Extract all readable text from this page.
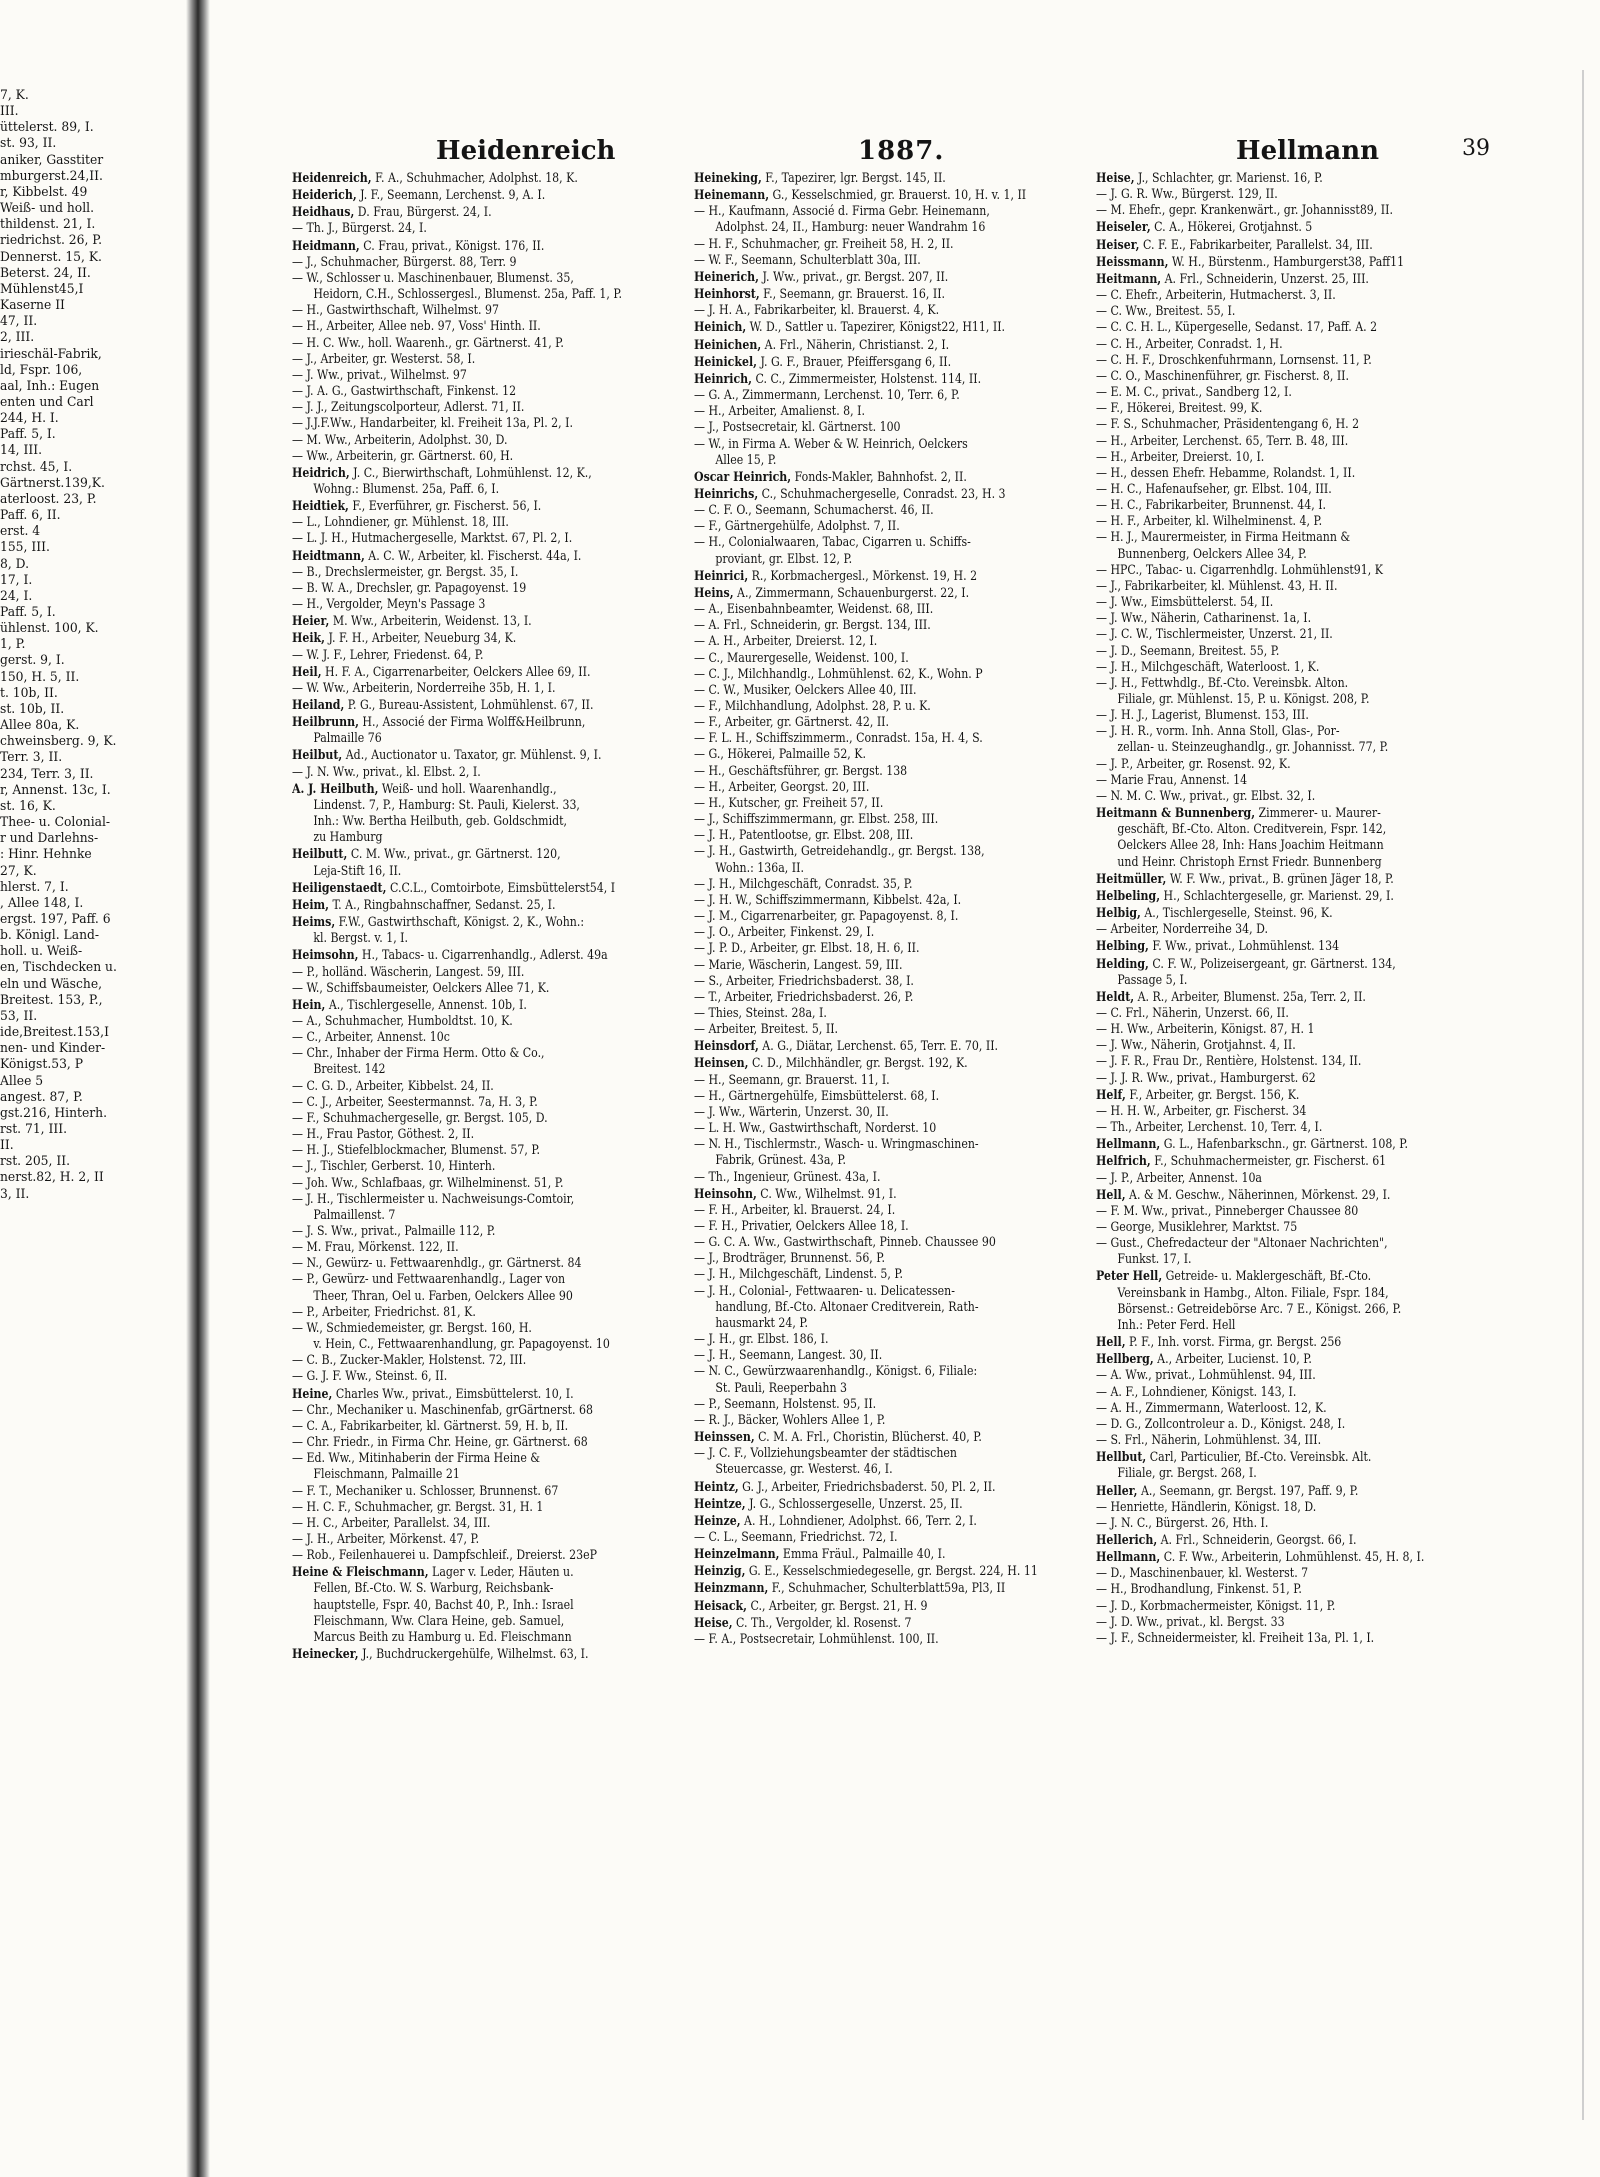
7, K.
III.
üttelerst. 89, I.
st. 93, II.
aniker, Gasstiter
mburgerst.24,II.
r, Kibbelst. 49
Weiß- und holl.
thildenst. 21, I.
riedrichst. 26, P.
Dennerst. 15, K.
Beterst. 24, II.
Mühlenst45,I
Kaserne II
47, II.
2, III.
irieschäl-Fabrik,
ld, Fspr. 106,
aal, Inh.: Eugen
enten und Carl
244, H. I.
Paff. 5, I.
14, III.
rchst. 45, I.
Gärtnerst.139,K.
aterloost. 23, P.
Paff. 6, II.
erst. 4
155, III.
8, D.
17, I.
24, I.
Paff. 5, I.
ühlenst. 100, K.
1, P.
gerst. 9, I.
150, H. 5, II.
t. 10b, II.
st. 10b, II.
Allee 80a, K.
chweinsberg. 9, K.
Terr. 3, II.
234, Terr. 3, II.
r, Annenst. 13c, I.
st. 16, K.
Thee- u. Colonial-
r und Darlehns-
: Hinr. Hehnke
27, K.
hlerst. 7, I.
, Allee 148, I.
ergst. 197, Paff. 6
b. Königl. Land-
holl. u. Weiß-
en, Tischdecken u.
eln und Wäsche,
Breitest. 153, P.,
53, II.
ide,Breitest.153,I
nen- und Kinder-
Königst.53, P
Allee 5
angest. 87, P.
gst.216, Hinterh.
rst. 71, III.
II.
rst. 205, II.
nerst.82, H. 2, II
3, II.
Heidenreich	1887.	Hellmann	39
Heidenreich, F. A., Schuhmacher, Adolphst. 18, K.
Heiderich, J. F., Seemann, Lerchenst. 9, A. I.
Heidhaus, D. Frau, Bürgerst. 24, I.
— Th. J., Bürgerst. 24, I.
Heidmann, C. Frau, privat., Königst. 176, II.
— J., Schuhmacher, Bürgerst. 88, Terr. 9
— W., Schlosser u. Maschinenbauer, Blumenst. 35,
Heidorn, C.H., Schlossergesl., Blumenst. 25a, Paff. 1, P.
— H., Gastwirthschaft, Wilhelmst. 97
— H., Arbeiter, Allee neb. 97, Voss' Hinth. II.
— H. C. Ww., holl. Waarenh., gr. Gärtnerst. 41, P.
— J., Arbeiter, gr. Westerst. 58, I.
— J. Ww., privat., Wilhelmst. 97
— J. A. G., Gastwirthschaft, Finkenst. 12
— J. J., Zeitungscolporteur, Adlerst. 71, II.
— J.J.F.Ww., Handarbeiter, kl. Freiheit 13a, Pl. 2, I.
— M. Ww., Arbeiterin, Adolphst. 30, D.
— Ww., Arbeiterin, gr. Gärtnerst. 60, H.
Heidrich, J. C., Bierwirthschaft, Lohmühlenst. 12, K.,
Wohng.: Blumenst. 25a, Paff. 6, I.
Heidtiek, F., Everführer, gr. Fischerst. 56, I.
— L., Lohndiener, gr. Mühlenst. 18, III.
— L. J. H., Hutmachergeselle, Marktst. 67, Pl. 2, I.
Heidtmann, A. C. W., Arbeiter, kl. Fischerst. 44a, I.
— B., Drechslermeister, gr. Bergst. 35, I.
— B. W. A., Drechsler, gr. Papagoyenst. 19
— H., Vergolder, Meyn's Passage 3
Heier, M. Ww., Arbeiterin, Weidenst. 13, I.
Heik, J. F. H., Arbeiter, Neueburg 34, K.
— W. J. F., Lehrer, Friedenst. 64, P.
Heil, H. F. A., Cigarrenarbeiter, Oelckers Allee 69, II.
— W. Ww., Arbeiterin, Norderreihe 35b, H. 1, I.
Heiland, P. G., Bureau-Assistent, Lohmühlenst. 67, II.
Heilbrunn, H., Associé der Firma Wolff&Heilbrunn,
Palmaille 76
Heilbut, Ad., Auctionator u. Taxator, gr. Mühlenst. 9, I.
— J. N. Ww., privat., kl. Elbst. 2, I.
A. J. Heilbuth, Weiß- und holl. Waarenhandlg.,
Lindenst. 7, P., Hamburg: St. Pauli, Kielerst. 33,
Inh.: Ww. Bertha Heilbuth, geb. Goldschmidt,
zu Hamburg
Heilbutt, C. M. Ww., privat., gr. Gärtnerst. 120,
Leja-Stift 16, II.
Heiligenstaedt, C.C.L., Comtoirbote, Eimsbüttelerst54, I
Heim, T. A., Ringbahnschaffner, Sedanst. 25, I.
Heims, F.W., Gastwirthschaft, Königst. 2, K., Wohn.:
kl. Bergst. v. 1, I.
Heimsohn, H., Tabacs- u. Cigarrenhandlg., Adlerst. 49a
— P., holländ. Wäscherin, Langest. 59, III.
— W., Schiffsbaumeister, Oelckers Allee 71, K.
Hein, A., Tischlergeselle, Annenst. 10b, I.
— A., Schuhmacher, Humboldtst. 10, K.
— C., Arbeiter, Annenst. 10c
— Chr., Inhaber der Firma Herm. Otto & Co.,
Breitest. 142
— C. G. D., Arbeiter, Kibbelst. 24, II.
— C. J., Arbeiter, Seestermannst. 7a, H. 3, P.
— F., Schuhmachergeselle, gr. Bergst. 105, D.
— H., Frau Pastor, Göthest. 2, II.
— H. J., Stiefelblockmacher, Blumenst. 57, P.
— J., Tischler, Gerberst. 10, Hinterh.
— Joh. Ww., Schlafbaas, gr. Wilhelminenst. 51, P.
— J. H., Tischlermeister u. Nachweisungs-Comtoir,
Palmaillenst. 7
— J. S. Ww., privat., Palmaille 112, P.
— M. Frau, Mörkenst. 122, II.
— N., Gewürz- u. Fettwaarenhdlg., gr. Gärtnerst. 84
— P., Gewürz- und Fettwaarenhandlg., Lager von
Theer, Thran, Oel u. Farben, Oelckers Allee 90
— P., Arbeiter, Friedrichst. 81, K.
— W., Schmiedemeister, gr. Bergst. 160, H.
v. Hein, C., Fettwaarenhandlung, gr. Papagoyenst. 10
— C. B., Zucker-Makler, Holstenst. 72, III.
— G. J. F. Ww., Steinst. 6, II.
Heine, Charles Ww., privat., Eimsbüttelerst. 10, I.
— Chr., Mechaniker u. Maschinenfab, grGärtnerst. 68
— C. A., Fabrikarbeiter, kl. Gärtnerst. 59, H. b, II.
— Chr. Friedr., in Firma Chr. Heine, gr. Gärtnerst. 68
— Ed. Ww., Mitinhaberin der Firma Heine &
Fleischmann, Palmaille 21
— F. T., Mechaniker u. Schlosser, Brunnenst. 67
— H. C. F., Schuhmacher, gr. Bergst. 31, H. 1
— H. C., Arbeiter, Parallelst. 34, III.
— J. H., Arbeiter, Mörkenst. 47, P.
— Rob., Feilenhauerei u. Dampfschleif., Dreierst. 23eP
Heine & Fleischmann, Lager v. Leder, Häuten u.
Fellen, Bf.-Cto. W. S. Warburg, Reichsbank-
hauptstelle, Fspr. 40, Bachst 40, P., Inh.: Israel
Fleischmann, Ww. Clara Heine, geb. Samuel,
Marcus Beith zu Hamburg u. Ed. Fleischmann
Heinecker, J., Buchdruckergehülfe, Wilhelmst. 63, I.
Heineking, F., Tapezirer, lgr. Bergst. 145, II.
Heinemann, G., Kesselschmied, gr. Brauerst. 10, H. v. 1, II
— H., Kaufmann, Associé d. Firma Gebr. Heinemann,
Adolphst. 24, II., Hamburg: neuer Wandrahm 16
— H. F., Schuhmacher, gr. Freiheit 58, H. 2, II.
— W. F., Seemann, Schulterblatt 30a, III.
Heinerich, J. Ww., privat., gr. Bergst. 207, II.
Heinhorst, F., Seemann, gr. Brauerst. 16, II.
— J. H. A., Fabrikarbeiter, kl. Brauerst. 4, K.
Heinich, W. D., Sattler u. Tapezirer, Königst22, H11, II.
Heinichen, A. Frl., Näherin, Christianst. 2, I.
Heinickel, J. G. F., Brauer, Pfeiffersgang 6, II.
Heinrich, C. C., Zimmermeister, Holstenst. 114, II.
— G. A., Zimmermann, Lerchenst. 10, Terr. 6, P.
— H., Arbeiter, Amalienst. 8, I.
— J., Postsecretair, kl. Gärtnerst. 100
— W., in Firma A. Weber & W. Heinrich, Oelckers
Allee 15, P.
Oscar Heinrich, Fonds-Makler, Bahnhofst. 2, II.
Heinrichs, C., Schuhmachergeselle, Conradst. 23, H. 3
— C. F. O., Seemann, Schumacherst. 46, II.
— F., Gärtnergehülfe, Adolphst. 7, II.
— H., Colonialwaaren, Tabac, Cigarren u. Schiffs-
proviant, gr. Elbst. 12, P.
Heinrici, R., Korbmachergesl., Mörkenst. 19, H. 2
Heins, A., Zimmermann, Schauenburgerst. 22, I.
— A., Eisenbahnbeamter, Weidenst. 68, III.
— A. Frl., Schneiderin, gr. Bergst. 134, III.
— A. H., Arbeiter, Dreierst. 12, I.
— C., Maurergeselle, Weidenst. 100, I.
— C. J., Milchhandlg., Lohmühlenst. 62, K., Wohn. P
— C. W., Musiker, Oelckers Allee 40, III.
— F., Milchhandlung, Adolphst. 28, P. u. K.
— F., Arbeiter, gr. Gärtnerst. 42, II.
— F. L. H., Schiffszimmerm., Conradst. 15a, H. 4, S.
— G., Hökerei, Palmaille 52, K.
— H., Geschäftsführer, gr. Bergst. 138
— H., Arbeiter, Georgst. 20, III.
— H., Kutscher, gr. Freiheit 57, II.
— J., Schiffszimmermann, gr. Elbst. 258, III.
— J. H., Patentlootse, gr. Elbst. 208, III.
— J. H., Gastwirth, Getreidehandlg., gr. Bergst. 138,
Wohn.: 136a, II.
— J. H., Milchgeschäft, Conradst. 35, P.
— J. H. W., Schiffszimmermann, Kibbelst. 42a, I.
— J. M., Cigarrenarbeiter, gr. Papagoyenst. 8, I.
— J. O., Arbeiter, Finkenst. 29, I.
— J. P. D., Arbeiter, gr. Elbst. 18, H. 6, II.
— Marie, Wäscherin, Langest. 59, III.
— S., Arbeiter, Friedrichsbaderst. 38, I.
— T., Arbeiter, Friedrichsbaderst. 26, P.
— Thies, Steinst. 28a, I.
— Arbeiter, Breitest. 5, II.
Heinsdorf, A. G., Diätar, Lerchenst. 65, Terr. E. 70, II.
Heinsen, C. D., Milchhändler, gr. Bergst. 192, K.
— H., Seemann, gr. Brauerst. 11, I.
— H., Gärtnergehülfe, Eimsbüttelerst. 68, I.
— J. Ww., Wärterin, Unzerst. 30, II.
— L. H. Ww., Gastwirthschaft, Norderst. 10
— N. H., Tischlermstr., Wasch- u. Wringmaschinen-
Fabrik, Grünest. 43a, P.
— Th., Ingenieur, Grünest. 43a, I.
Heinsohn, C. Ww., Wilhelmst. 91, I.
— F. H., Arbeiter, kl. Brauerst. 24, I.
— F. H., Privatier, Oelckers Allee 18, I.
— G. C. A. Ww., Gastwirthschaft, Pinneb. Chaussee 90
— J., Brodträger, Brunnenst. 56, P.
— J. H., Milchgeschäft, Lindenst. 5, P.
— J. H., Colonial-, Fettwaaren- u. Delicatessen-
handlung, Bf.-Cto. Altonaer Creditverein, Rath-
hausmarkt 24, P.
— J. H., gr. Elbst. 186, I.
— J. H., Seemann, Langest. 30, II.
— N. C., Gewürzwaarenhandlg., Königst. 6, Filiale:
St. Pauli, Reeperbahn 3
— P., Seemann, Holstenst. 95, II.
— R. J., Bäcker, Wohlers Allee 1, P.
Heinssen, C. M. A. Frl., Choristin, Blücherst. 40, P.
— J. C. F., Vollziehungsbeamter der städtischen
Steuercasse, gr. Westerst. 46, I.
Heintz, G. J., Arbeiter, Friedrichsbaderst. 50, Pl. 2, II.
Heintze, J. G., Schlossergeselle, Unzerst. 25, II.
Heinze, A. H., Lohndiener, Adolphst. 66, Terr. 2, I.
— C. L., Seemann, Friedrichst. 72, I.
Heinzelmann, Emma Fräul., Palmaille 40, I.
Heinzig, G. E., Kesselschmiedegeselle, gr. Bergst. 224, H. 11
Heinzmann, F., Schuhmacher, Schulterblatt59a, Pl3, II
Heisack, C., Arbeiter, gr. Bergst. 21, H. 9
Heise, C. Th., Vergolder, kl. Rosenst. 7
— F. A., Postsecretair, Lohmühlenst. 100, II.
Heise, J., Schlachter, gr. Marienst. 16, P.
— J. G. R. Ww., Bürgerst. 129, II.
— M. Ehefr., gepr. Krankenwärt., gr. Johannisst89, II.
Heiseler, C. A., Hökerei, Grotjahnst. 5
Heiser, C. F. E., Fabrikarbeiter, Parallelst. 34, III.
Heissmann, W. H., Bürstenm., Hamburgerst38, Paff11
Heitmann, A. Frl., Schneiderin, Unzerst. 25, III.
— C. Ehefr., Arbeiterin, Hutmacherst. 3, II.
— C. Ww., Breitest. 55, I.
— C. C. H. L., Küpergeselle, Sedanst. 17, Paff. A. 2
— C. H., Arbeiter, Conradst. 1, H.
— C. H. F., Droschkenfuhrmann, Lornsenst. 11, P.
— C. O., Maschinenführer, gr. Fischerst. 8, II.
— E. M. C., privat., Sandberg 12, I.
— F., Hökerei, Breitest. 99, K.
— F. S., Schuhmacher, Präsidentengang 6, H. 2
— H., Arbeiter, Lerchenst. 65, Terr. B. 48, III.
— H., Arbeiter, Dreierst. 10, I.
— H., dessen Ehefr. Hebamme, Rolandst. 1, II.
— H. C., Hafenaufseher, gr. Elbst. 104, III.
— H. C., Fabrikarbeiter, Brunnenst. 44, I.
— H. F., Arbeiter, kl. Wilhelminenst. 4, P.
— H. J., Maurermeister, in Firma Heitmann &
Bunnenberg, Oelckers Allee 34, P.
— HPC., Tabac- u. Cigarrenhdlg. Lohmühlenst91, K
— J., Fabrikarbeiter, kl. Mühlenst. 43, H. II.
— J. Ww., Eimsbüttelerst. 54, II.
— J. Ww., Näherin, Catharinenst. 1a, I.
— J. C. W., Tischlermeister, Unzerst. 21, II.
— J. D., Seemann, Breitest. 55, P.
— J. H., Milchgeschäft, Waterloost. 1, K.
— J. H., Fettwhdlg., Bf.-Cto. Vereinsbk. Alton.
Filiale, gr. Mühlenst. 15, P. u. Königst. 208, P.
— J. H. J., Lagerist, Blumenst. 153, III.
— J. H. R., vorm. Inh. Anna Stoll, Glas-, Por-
zellan- u. Steinzeughandlg., gr. Johannisst. 77, P.
— J. P., Arbeiter, gr. Rosenst. 92, K.
— Marie Frau, Annenst. 14
— N. M. C. Ww., privat., gr. Elbst. 32, I.
Heitmann & Bunnenberg, Zimmerer- u. Maurer-
geschäft, Bf.-Cto. Alton. Creditverein, Fspr. 142,
Oelckers Allee 28, Inh: Hans Joachim Heitmann
und Heinr. Christoph Ernst Friedr. Bunnenberg
Heitmüller, W. F. Ww., privat., B. grünen Jäger 18, P.
Helbeling, H., Schlachtergeselle, gr. Marienst. 29, I.
Helbig, A., Tischlergeselle, Steinst. 96, K.
— Arbeiter, Norderreihe 34, D.
Helbing, F. Ww., privat., Lohmühlenst. 134
Helding, C. F. W., Polizeisergeant, gr. Gärtnerst. 134,
Passage 5, I.
Heldt, A. R., Arbeiter, Blumenst. 25a, Terr. 2, II.
— C. Frl., Näherin, Unzerst. 66, II.
— H. Ww., Arbeiterin, Königst. 87, H. 1
— J. Ww., Näherin, Grotjahnst. 4, II.
— J. F. R., Frau Dr., Rentière, Holstenst. 134, II.
— J. J. R. Ww., privat., Hamburgerst. 62
Helf, F., Arbeiter, gr. Bergst. 156, K.
— H. H. W., Arbeiter, gr. Fischerst. 34
— Th., Arbeiter, Lerchenst. 10, Terr. 4, I.
Hellmann, G. L., Hafenbarkschn., gr. Gärtnerst. 108, P.
Helfrich, F., Schuhmachermeister, gr. Fischerst. 61
— J. P., Arbeiter, Annenst. 10a
Hell, A. & M. Geschw., Näherinnen, Mörkenst. 29, I.
— F. M. Ww., privat., Pinneberger Chaussee 80
— George, Musiklehrer, Marktst. 75
— Gust., Chefredacteur der "Altonaer Nachrichten",
Funkst. 17, I.
Peter Hell, Getreide- u. Maklergeschäft, Bf.-Cto.
Vereinsbank in Hambg., Alton. Filiale, Fspr. 184,
Börsenst.: Getreidebörse Arc. 7 E., Königst. 266, P.
Inh.: Peter Ferd. Hell
Hell, P. F., Inh. vorst. Firma, gr. Bergst. 256
Hellberg, A., Arbeiter, Lucienst. 10, P.
— A. Ww., privat., Lohmühlenst. 94, III.
— A. F., Lohndiener, Königst. 143, I.
— A. H., Zimmermann, Waterloost. 12, K.
— D. G., Zollcontroleur a. D., Königst. 248, I.
— S. Frl., Näherin, Lohmühlenst. 34, III.
Hellbut, Carl, Particulier, Bf.-Cto. Vereinsbk. Alt.
Filiale, gr. Bergst. 268, I.
Heller, A., Seemann, gr. Bergst. 197, Paff. 9, P.
— Henriette, Händlerin, Königst. 18, D.
— J. N. C., Bürgerst. 26, Hth. I.
Hellerich, A. Frl., Schneiderin, Georgst. 66, I.
Hellmann, C. F. Ww., Arbeiterin, Lohmühlenst. 45, H. 8, I.
— D., Maschinenbauer, kl. Westerst. 7
— H., Brodhandlung, Finkenst. 51, P.
— J. D., Korbmachermeister, Königst. 11, P.
— J. D. Ww., privat., kl. Bergst. 33
— J. F., Schneidermeister, kl. Freiheit 13a, Pl. 1, I.
